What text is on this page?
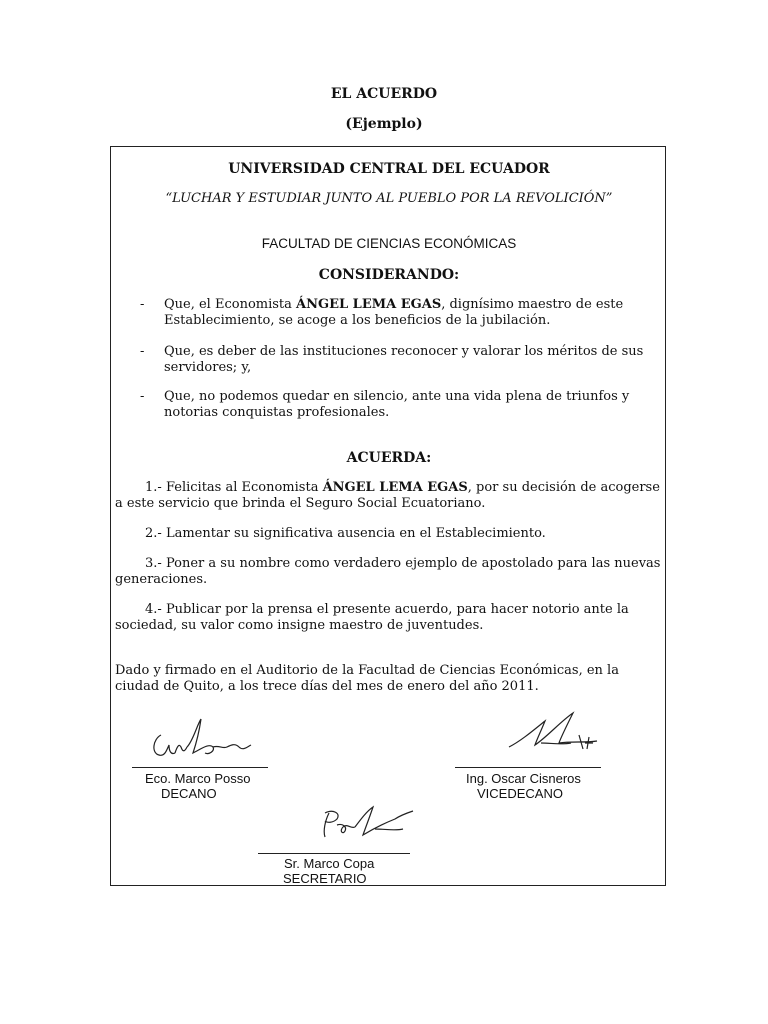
EL ACUERDO
(Ejemplo)
UNIVERSIDAD CENTRAL DEL ECUADOR
“LUCHAR Y ESTUDIAR JUNTO AL PUEBLO POR LA REVOLICIÓN”
FACULTAD DE CIENCIAS ECONÓMICAS
CONSIDERANDO:
- Que, el Economista ÁNGEL LEMA EGAS, dignísimo maestro de este Establecimiento, se acoge a los beneficios de la jubilación.
- Que, es deber de las instituciones reconocer y valorar los méritos de sus servidores; y,
- Que, no podemos quedar en silencio, ante una vida plena de triunfos y notorias conquistas profesionales.
ACUERDA:
1.- Felicitas al Economista ÁNGEL LEMA EGAS, por su decisión de acogerse a este servicio que brinda el Seguro Social Ecuatoriano.
2.- Lamentar su significativa ausencia en el Establecimiento.
3.- Poner a su nombre como verdadero ejemplo de apostolado para las nuevas generaciones.
4.- Publicar por la prensa el presente acuerdo, para hacer notorio ante la sociedad, su valor como insigne maestro de juventudes.
Dado y firmado en el Auditorio de la Facultad de Ciencias Económicas, en la ciudad de Quito, a los trece días del mes de enero del año 2011.
Eco. Marco Posso
DECANO
Ing. Oscar Cisneros
VICEDECANO
Sr. Marco Copa
SECRETARIO
